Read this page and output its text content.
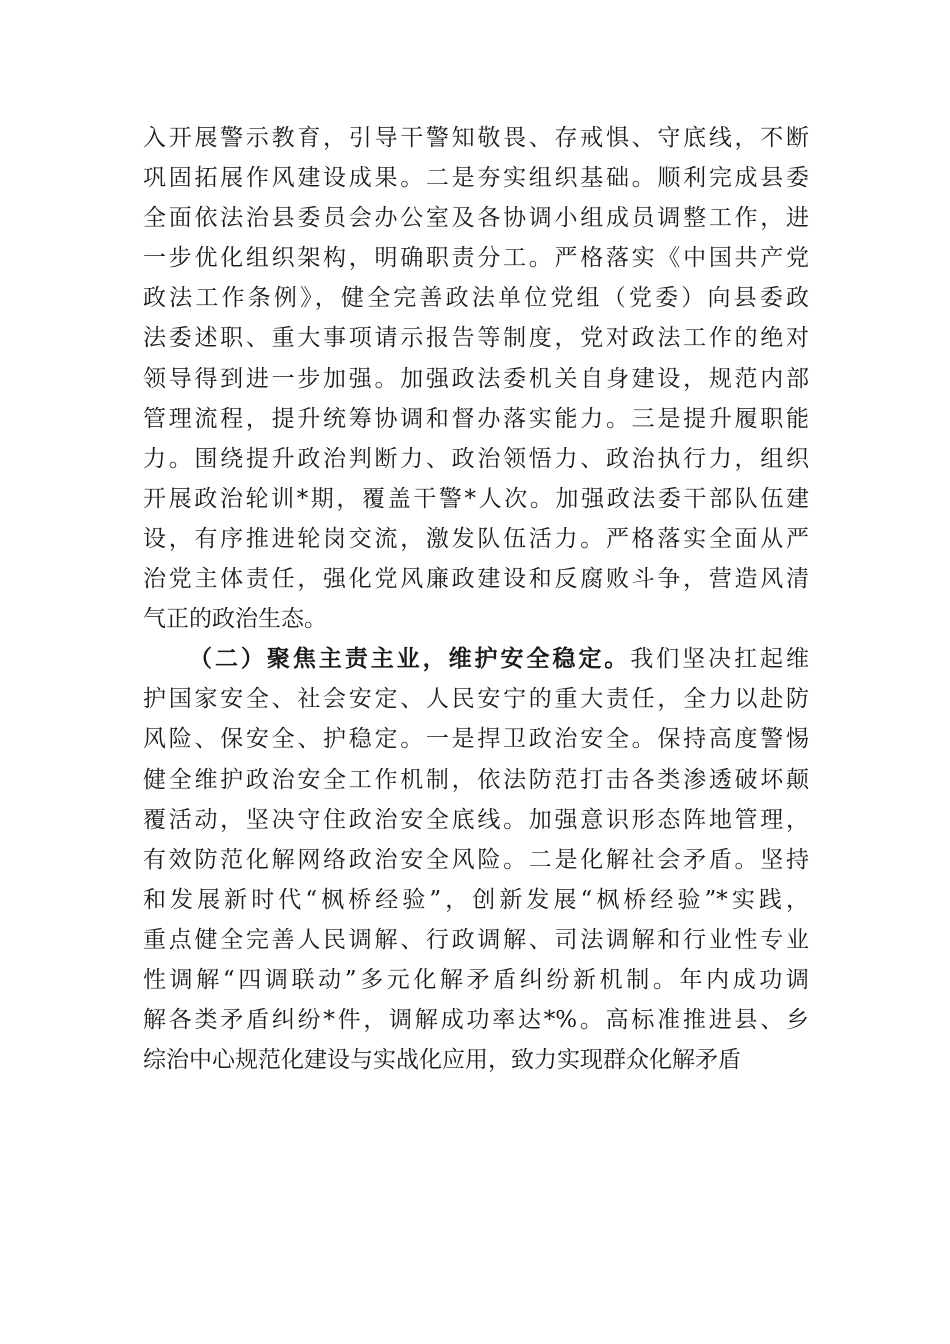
入开展警示教育，引导干警知敬畏、存戒惧、守底线，不断
巩固拓展作风建设成果。二是夯实组织基础。顺利完成县委
全面依法治县委员会办公室及各协调小组成员调整工作，进
一步优化组织架构，明确职责分工。严格落实《中国共产党
政法工作条例》，健全完善政法单位党组（党委）向县委政
法委述职、重大事项请示报告等制度，党对政法工作的绝对
领导得到进一步加强。加强政法委机关自身建设，规范内部
管理流程，提升统筹协调和督办落实能力。三是提升履职能
力。围绕提升政治判断力、政治领悟力、政治执行力，组织
开展政治轮训*期，覆盖干警*人次。加强政法委干部队伍建
设，有序推进轮岗交流，激发队伍活力。严格落实全面从严
治党主体责任，强化党风廉政建设和反腐败斗争，营造风清
气正的政治生态。
（二）聚焦主责主业，维护安全稳定。我们坚决扛起维
护国家安全、社会安定、人民安宁的重大责任，全力以赴防
风险、保安全、护稳定。一是捍卫政治安全。保持高度警惕
健全维护政治安全工作机制，依法防范打击各类渗透破坏颠
覆活动，坚决守住政治安全底线。加强意识形态阵地管理，
有效防范化解网络政治安全风险。二是化解社会矛盾。坚持
和发展新时代“枫桥经验”，创新发展“枫桥经验”*实践，
重点健全完善人民调解、行政调解、司法调解和行业性专业
性调解“四调联动”多元化解矛盾纠纷新机制。年内成功调
解各类矛盾纠纷*件，调解成功率达*%。高标准推进县、乡
综治中心规范化建设与实战化应用，致力实现群众化解矛盾
